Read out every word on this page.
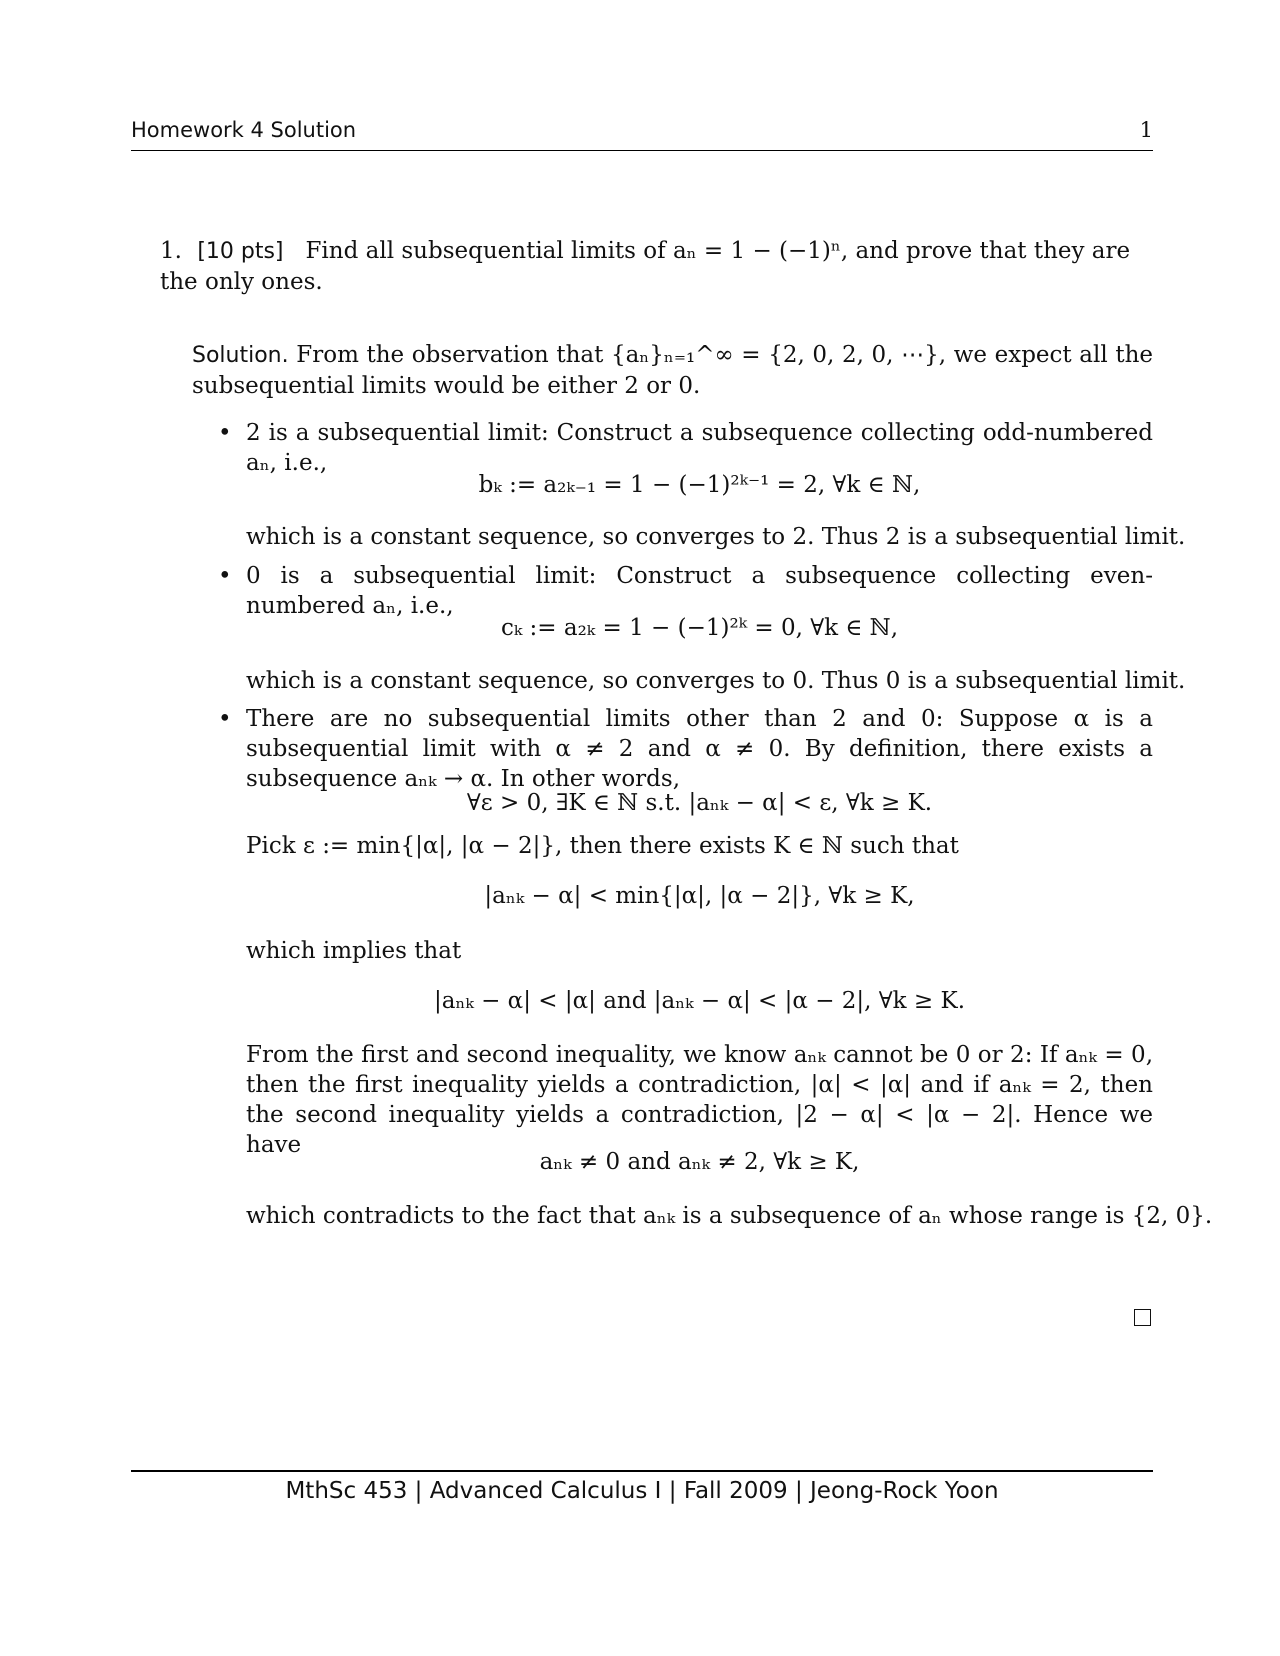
Homework 4 Solution	1
1. [10 pts] Find all subsequential limits of aₙ = 1 − (−1)ⁿ, and prove that they are the only ones.
Solution. From the observation that {aₙ}ₙ₌₁^∞ = {2, 0, 2, 0, ⋯}, we expect all the subsequential limits would be either 2 or 0.
• 2 is a subsequential limit: Construct a subsequence collecting odd-numbered aₙ, i.e.,
bₖ := a₂ₖ₋₁ = 1 − (−1)²ᵏ⁻¹ = 2, ∀k ∈ ℕ,
which is a constant sequence, so converges to 2. Thus 2 is a subsequential limit.
• 0 is a subsequential limit: Construct a subsequence collecting even-numbered aₙ, i.e.,
cₖ := a₂ₖ = 1 − (−1)²ᵏ = 0, ∀k ∈ ℕ,
which is a constant sequence, so converges to 0. Thus 0 is a subsequential limit.
• There are no subsequential limits other than 2 and 0: Suppose α is a subsequential limit with α ≠ 2 and α ≠ 0. By definition, there exists a subsequence aₙₖ → α. In other words,
∀ε > 0, ∃K ∈ ℕ s.t. |aₙₖ − α| < ε, ∀k ≥ K.
Pick ε := min{|α|, |α − 2|}, then there exists K ∈ ℕ such that
|aₙₖ − α| < min{|α|, |α − 2|}, ∀k ≥ K,
which implies that
|aₙₖ − α| < |α| and |aₙₖ − α| < |α − 2|, ∀k ≥ K.
From the first and second inequality, we know aₙₖ cannot be 0 or 2: If aₙₖ = 0, then the first inequality yields a contradiction, |α| < |α| and if aₙₖ = 2, then the second inequality yields a contradiction, |2 − α| < |α − 2|. Hence we have
aₙₖ ≠ 0 and aₙₖ ≠ 2, ∀k ≥ K,
which contradicts to the fact that aₙₖ is a subsequence of aₙ whose range is {2, 0}.
MthSc 453 | Advanced Calculus I | Fall 2009 | Jeong-Rock Yoon
